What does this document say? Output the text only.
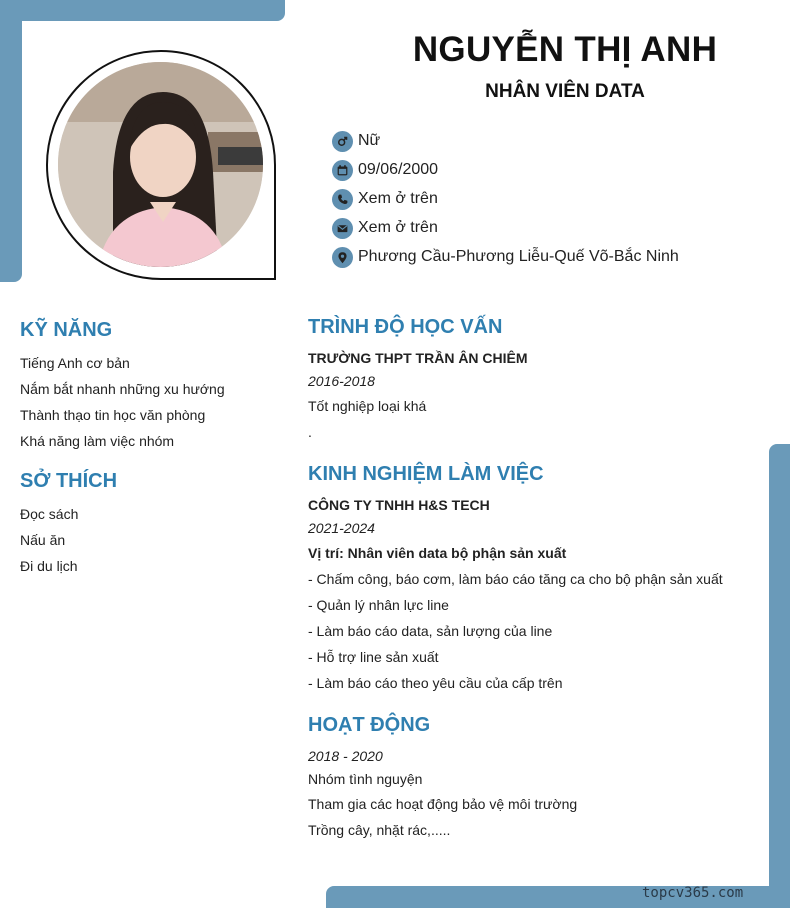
NGUYỄN THỊ ANH
NHÂN VIÊN DATA
Nữ
09/06/2000
Xem ở trên
Xem ở trên
Phương Cầu-Phương Liễu-Quế Võ-Bắc Ninh
KỸ NĂNG
Tiếng Anh cơ bản
Nắm bắt nhanh những xu hướng
Thành thạo tin học văn phòng
Khá năng làm việc nhóm
SỞ THÍCH
Đọc sách
Nấu ăn
Đi du lịch
TRÌNH ĐỘ HỌC VẤN
TRƯỜNG THPT TRẦN ÂN CHIÊM
2016-2018
Tốt nghiệp loại khá
.
KINH NGHIỆM LÀM VIỆC
CÔNG TY TNHH H&S TECH
2021-2024
Vị trí: Nhân viên data bộ phận sản xuất
- Chấm công, báo cơm, làm báo cáo tăng ca cho bộ phận sản xuất
- Quản lý nhân lực line
- Làm báo cáo data, sản lượng của line
- Hỗ trợ line sản xuất
- Làm báo cáo theo yêu cầu của cấp trên
HOẠT ĐỘNG
2018 - 2020
Nhóm tình nguyện
Tham gia các hoạt động bảo vệ môi trường
Trồng cây, nhặt rác,.....
topcv365.com
